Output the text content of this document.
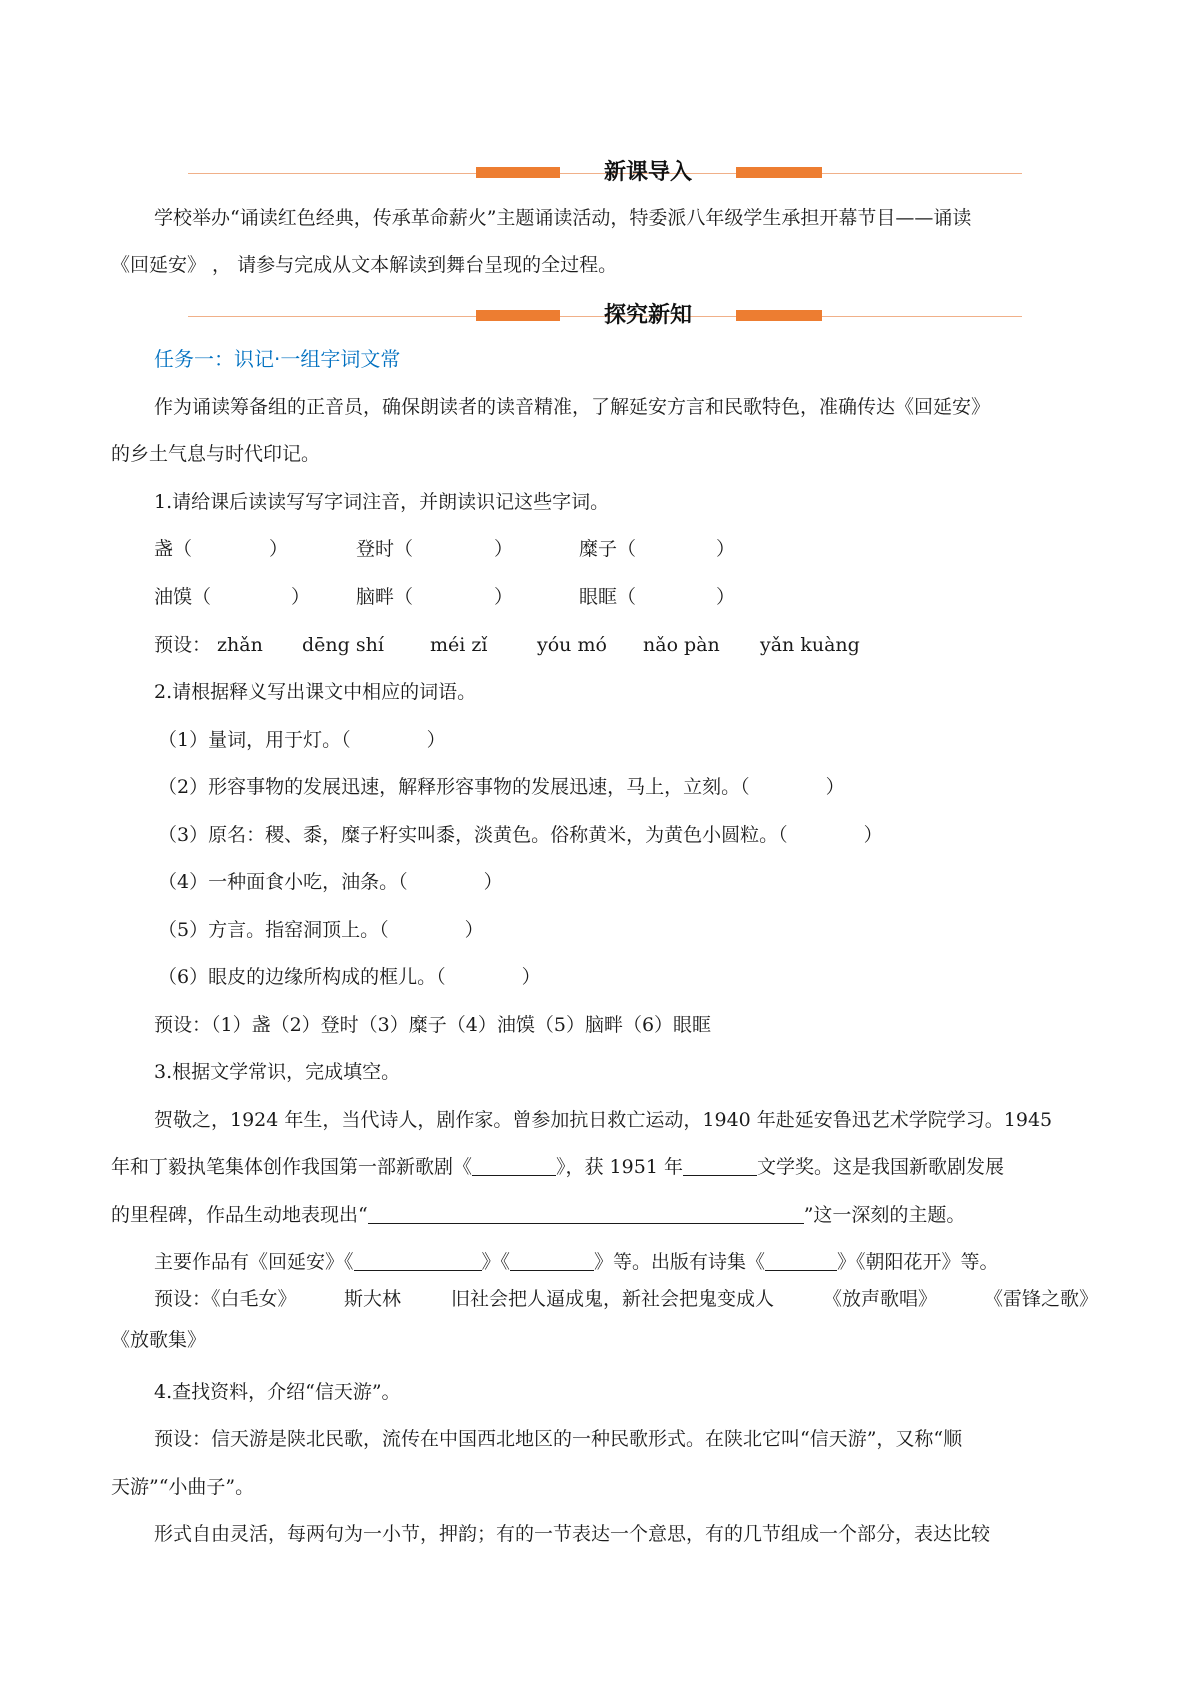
新课导入
学校举办“诵读红色经典，传承革命薪火”主题诵读活动，特委派八年级学生承担开幕节目——诵读
《回延安》 ， 请参与完成从文本解读到舞台呈现的全过程。
探究新知
任务一：识记·一组字词文常
作为诵读筹备组的正音员，确保朗读者的读音精准，了解延安方言和民歌特色，准确传达《回延安》
的乡土气息与时代印记。
1.请给课后读读写写字词注音，并朗读识记这些字词。
盏（	）	登时（	）	糜子（	）
油馍（	） 脑畔（	）	眼眶（	）
预设： zhǎn dēng shí méi zǐ	yóu mó nǎo pàn yǎn kuàng
2.请根据释义写出课文中相应的词语。
（1）量词，用于灯。（　　　　）
（2）形容事物的发展迅速，解释形容事物的发展迅速，马上，立刻。（　　　　）
（3）原名：稷、黍，糜子籽实叫黍，淡黄色。俗称黄米，为黄色小圆粒。（　　　　）
（4）一种面食小吃，油条。（　　　　）
（5）方言。指窑洞顶上。（　　　　）
（6）眼皮的边缘所构成的框儿。（　　　　）
预设：（1）盏（2）登时（3）糜子（4）油馍（5）脑畔（6）眼眶
3.根据文学常识，完成填空。
贺敬之，1924 年生，当代诗人，剧作家。曾参加抗日救亡运动，1940 年赴延安鲁迅艺术学院学习。1945
年和丁毅执笔集体创作我国第一部新歌剧《	》，获 1951 年	文学奖。这是我国新歌剧发展
的里程碑，作品生动地表现出“	”这一深刻的主题。
主要作品有《回延安》《	》《	》等。出版有诗集《	》《朝阳花开》等。
预设：《白毛女》 斯大林	旧社会把人逼成鬼，新社会把鬼变成人	《放声歌唱》 《雷锋之歌》
《放歌集》
4.查找资料，介绍“信天游”。
预设：信天游是陕北民歌，流传在中国西北地区的一种民歌形式。在陕北它叫“信天游”，又称“顺
天游”“小曲子”。
形式自由灵活，每两句为一小节，押韵；有的一节表达一个意思，有的几节组成一个部分，表达比较
